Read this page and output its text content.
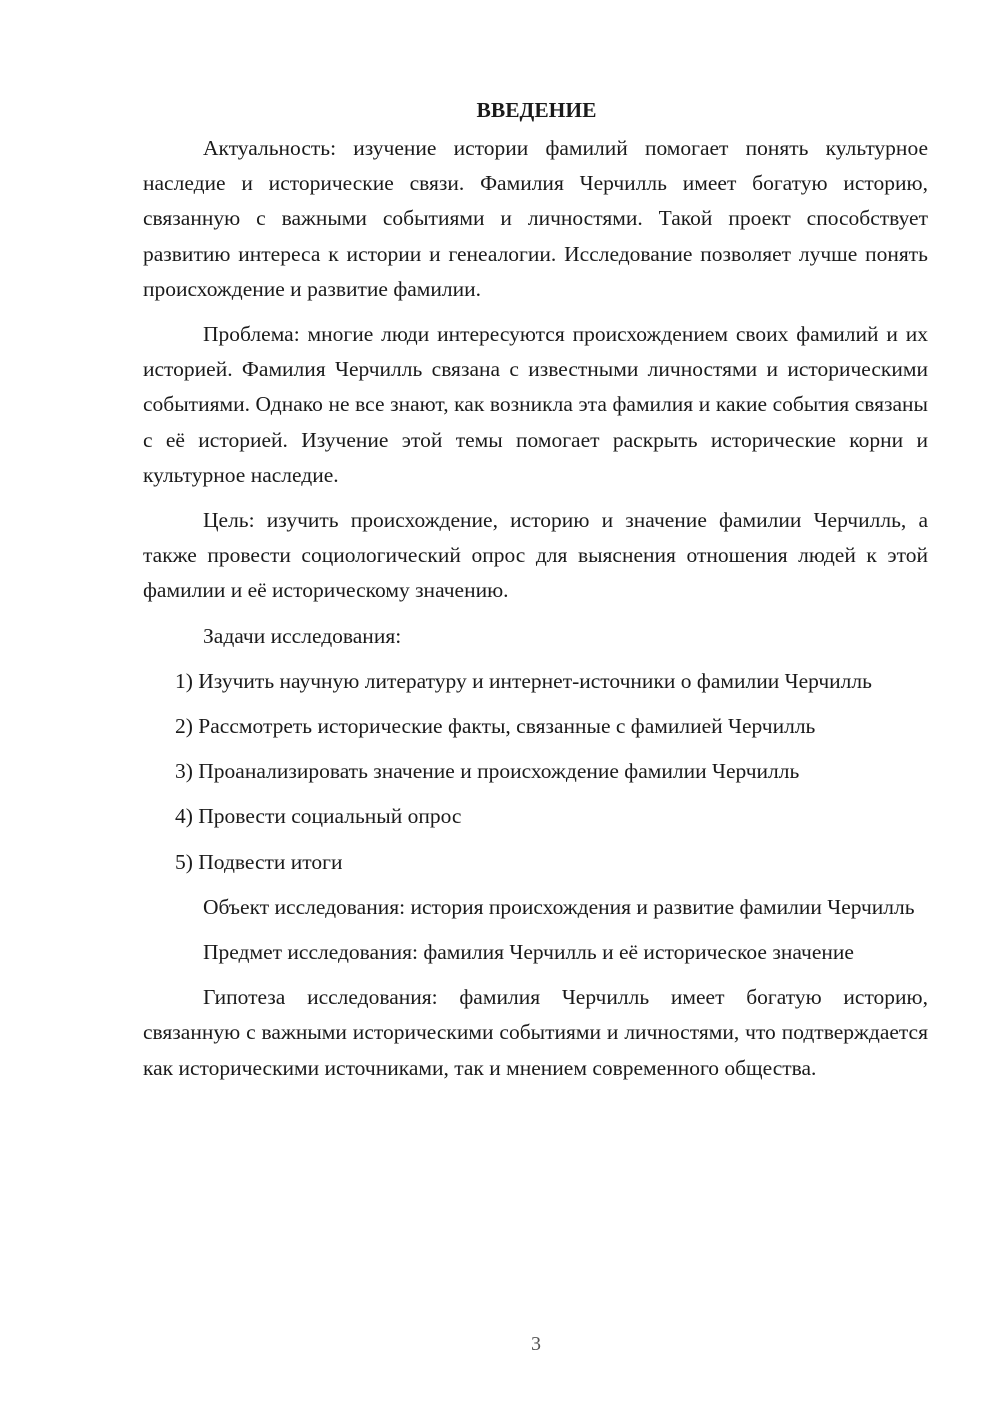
ВВЕДЕНИЕ

Актуальность: изучение истории фамилий помогает понять культурное наследие и исторические связи. Фамилия Черчилль имеет богатую историю, связанную с важными событиями и личностями. Такой проект способствует развитию интереса к истории и генеалогии. Исследование позволяет лучше понять происхождение и развитие фамилии.

Проблема: многие люди интересуются происхождением своих фамилий и их историей. Фамилия Черчилль связана с известными личностями и историческими событиями. Однако не все знают, как возникла эта фамилия и какие события связаны с её историей. Изучение этой темы помогает раскрыть исторические корни и культурное наследие.

Цель: изучить происхождение, историю и значение фамилии Черчилль, а также провести социологический опрос для выяснения отношения людей к этой фамилии и её историческому значению.

Задачи исследования:

1) Изучить научную литературу и интернет-источники о фамилии Черчилль

2) Рассмотреть исторические факты, связанные с фамилией Черчилль

3) Проанализировать значение и происхождение фамилии Черчилль

4) Провести социальный опрос

5) Подвести итоги

Объект исследования: история происхождения и развитие фамилии Черчилль

Предмет исследования: фамилия Черчилль и её историческое значение

Гипотеза исследования: фамилия Черчилль имеет богатую историю, связанную с важными историческими событиями и личностями, что подтверждается как историческими источниками, так и мнением современного общества.

3
